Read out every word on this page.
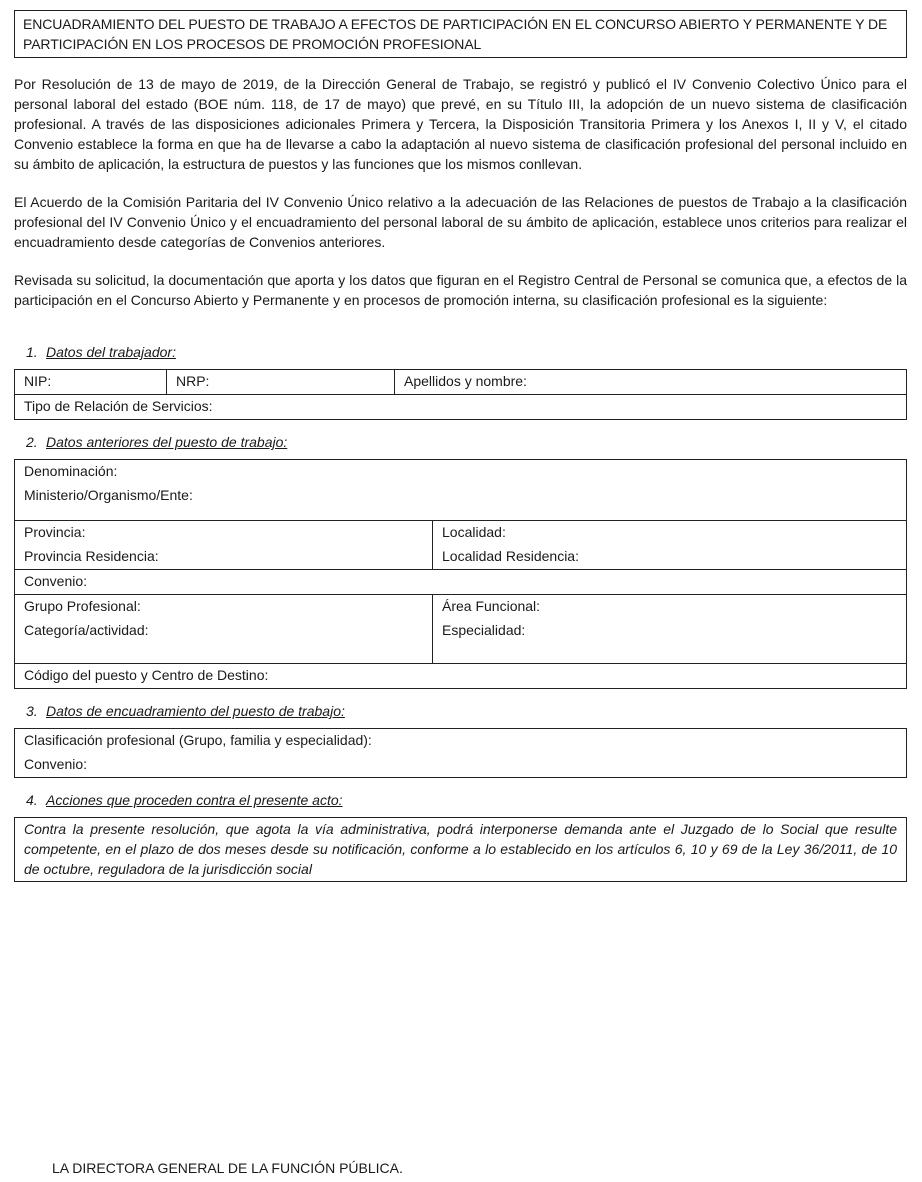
ENCUADRAMIENTO DEL PUESTO DE TRABAJO A EFECTOS DE PARTICIPACIÓN EN EL CONCURSO ABIERTO Y PERMANENTE Y DE PARTICIPACIÓN EN LOS PROCESOS DE PROMOCIÓN PROFESIONAL

Por Resolución de 13 de mayo de 2019, de la Dirección General de Trabajo, se registró y publicó el IV Convenio Colectivo Único para el personal laboral del estado (BOE núm. 118, de 17 de mayo) que prevé, en su Título III, la adopción de un nuevo sistema de clasificación profesional. A través de las disposiciones adicionales Primera y Tercera, la Disposición Transitoria Primera y los Anexos I, II y V, el citado Convenio establece la forma en que ha de llevarse a cabo la adaptación al nuevo sistema de clasificación profesional del personal incluido en su ámbito de aplicación, la estructura de puestos y las funciones que los mismos conllevan.

El Acuerdo de la Comisión Paritaria del IV Convenio Único relativo a la adecuación de las Relaciones de puestos de Trabajo a la clasificación profesional del IV Convenio Único y el encuadramiento del personal laboral de su ámbito de aplicación, establece unos criterios para realizar el encuadramiento desde categorías de Convenios anteriores.

Revisada su solicitud, la documentación que aporta y los datos que figuran en el Registro Central de Personal se comunica que, a efectos de la participación en el Concurso Abierto y Permanente y en procesos de promoción interna, su clasificación profesional es la siguiente:

1. Datos del trabajador:
NIP:	NRP:	Apellidos y nombre:
Tipo de Relación de Servicios:
2. Datos anteriores del puesto de trabajo:
Denominación:	
Ministerio/Organismo/Ente:	
Provincia:	Localidad:
Provincia Residencia:	Localidad Residencia:
Convenio:	
Grupo Profesional:	Área Funcional:
Categoría/actividad:	Especialidad:
Código del puesto y Centro de Destino:	
3. Datos de encuadramiento del puesto de trabajo:
Clasificación profesional (Grupo, familia y especialidad):
Convenio:
4. Acciones que proceden contra el presente acto:
Contra la presente resolución, que agota la vía administrativa, podrá interponerse demanda ante el Juzgado de lo Social que resulte competente, en el plazo de dos meses desde su notificación, conforme a lo establecido en los artículos 6, 10 y 69 de la Ley 36/2011, de 10 de octubre, reguladora de la jurisdicción social
LA DIRECTORA GENERAL DE LA FUNCIÓN PÚBLICA.
